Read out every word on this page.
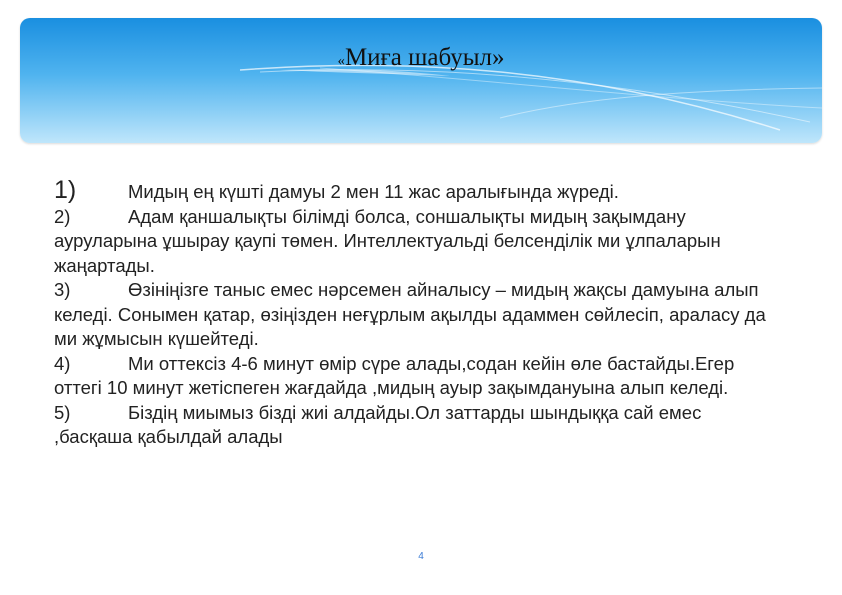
«Миға шабуыл»

1)	Мидың ең күшті дамуы 2 мен 11 жас аралығында жүреді.

2)	Адам қаншалықты білімді болса, соншалықты мидың зақымдану ауруларына ұшырау қаупі төмен. Интеллектуальді белсенділік ми ұлпаларын жаңартады.

3)	Өзініңізге таныс емес нәрсемен айналысу – мидың жақсы дамуына алып келеді. Сонымен қатар, өзіңізден неғұрлым ақылды адаммен сөйлесіп, араласу да ми жұмысын күшейтеді.

4)	Ми оттексіз 4-6 минут өмір сүре алады,содан кейін өле бастайды.Егер оттегі 10 минут жетіспеген жағдайда ,мидың ауыр зақымдануына алып келеді.

5)	Біздің миымыз бізді жиі алдайды.Ол заттарды шындыққа сай емес ,басқаша қабылдай алады

4
